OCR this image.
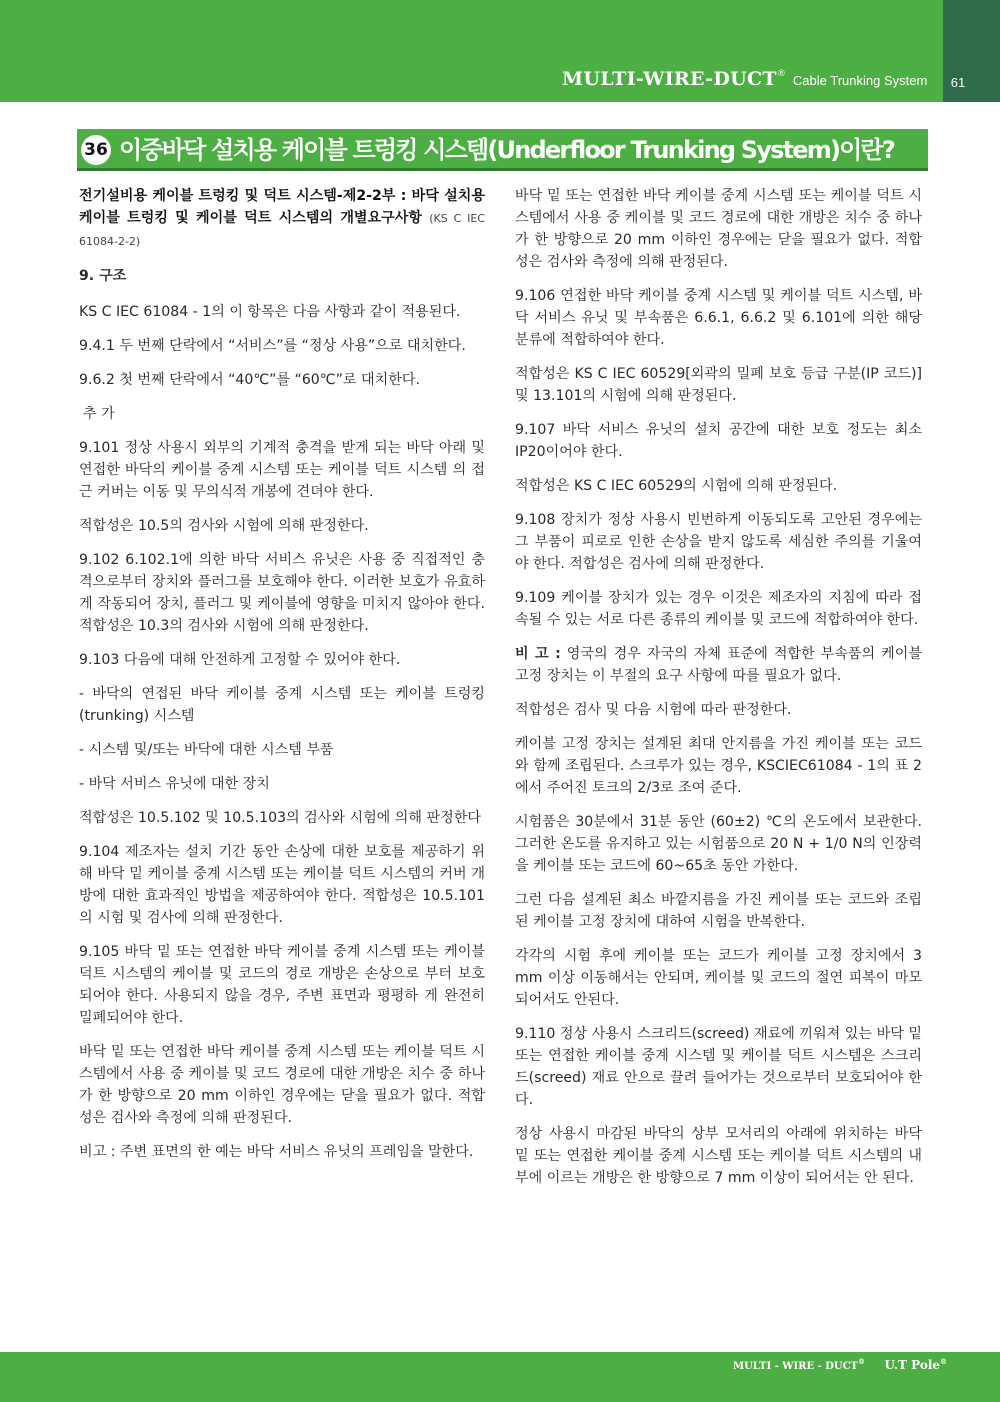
MULTI-WIRE-DUCT® Cable Trunking System	61
36 이중바닥 설치용 케이블 트렁킹 시스템(Underfloor Trunking System)이란?

전기설비용 케이블 트렁킹 및 덕트 시스템-제2-2부 : 바닥 설치용 케이블 트렁킹 및 케이블 덕트 시스템의 개별요구사항 (KS C IEC 61084-2-2)

9. 구조

KS C IEC 61084 - 1의 이 항목은 다음 사항과 같이 적용된다.

9.4.1 두 번째 단락에서 “서비스”를 “정상 사용”으로 대치한다.

9.6.2 첫 번째 단락에서 “40℃”를 “60℃”로 대치한다.

추 가

9.101 정상 사용시 외부의 기계적 충격을 받게 되는 바닥 아래 및 연접한 바닥의 케이블 중계 시스템 또는 케이블 덕트 시스템 의 접근 커버는 이동 및 무의식적 개봉에 견뎌야 한다.

적합성은 10.5의 검사와 시험에 의해 판정한다.

9.102 6.102.1에 의한 바닥 서비스 유닛은 사용 중 직접적인 충격으로부터 장치와 플러그를 보호해야 한다. 이러한 보호가 유효하게 작동되어 장치, 플러그 및 케이블에 영향을 미치지 않아야 한다. 적합성은 10.3의 검사와 시험에 의해 판정한다.

9.103 다음에 대해 안전하게 고정할 수 있어야 한다.

- 바닥의 연접된 바닥 케이블 중계 시스템 또는 케이블 트렁킹 (trunking) 시스템

- 시스템 및/또는 바닥에 대한 시스템 부품

- 바닥 서비스 유닛에 대한 장치

적합성은 10.5.102 및 10.5.103의 검사와 시험에 의해 판정한다

9.104 제조자는 설치 기간 동안 손상에 대한 보호를 제공하기 위해 바닥 밑 케이블 중계 시스템 또는 케이블 덕트 시스템의 커버 개방에 대한 효과적인 방법을 제공하여야 한다. 적합성은 10.5.101의 시험 및 검사에 의해 판정한다.

9.105 바닥 밑 또는 연접한 바닥 케이블 중계 시스템 또는 케이블 덕트 시스템의 케이블 및 코드의 경로 개방은 손상으로 부터 보호되어야 한다. 사용되지 않을 경우, 주변 표면과 평평하 게 완전히 밀폐되어야 한다.

바닥 밑 또는 연접한 바닥 케이블 중계 시스템 또는 케이블 덕트 시스템에서 사용 중 케이블 및 코드 경로에 대한 개방은 치수 중 하나가 한 방향으로 20 mm 이하인 경우에는 닫을 필요가 없다. 적합성은 검사와 측정에 의해 판정된다.

비고 : 주변 표면의 한 예는 바닥 서비스 유닛의 프레임을 말한다.

바닥 밑 또는 연접한 바닥 케이블 중계 시스템 또는 케이블 덕트 시스템에서 사용 중 케이블 및 코드 경로에 대한 개방은 치수 중 하나가 한 방향으로 20 mm 이하인 경우에는 닫을 필요가 없다. 적합성은 검사와 측정에 의해 판정된다.

9.106 연접한 바닥 케이블 중계 시스템 및 케이블 덕트 시스템, 바닥 서비스 유닛 및 부속품은 6.6.1, 6.6.2 및 6.101에 의한 해당 분류에 적합하여야 한다.

적합성은 KS C IEC 60529[외곽의 밀폐 보호 등급 구분(IP 코드)] 및 13.101의 시험에 의해 판정된다.

9.107 바닥 서비스 유닛의 설치 공간에 대한 보호 정도는 최소 IP20이어야 한다.

적합성은 KS C IEC 60529의 시험에 의해 판정된다.

9.108 장치가 정상 사용시 빈번하게 이동되도록 고안된 경우에는 그 부품이 피로로 인한 손상을 받지 않도록 세심한 주의를 기울여야 한다. 적합성은 검사에 의해 판정한다.

9.109 케이블 장치가 있는 경우 이것은 제조자의 지침에 따라 접속될 수 있는 서로 다른 종류의 케이블 및 코드에 적합하여야 한다.

비 고 : 영국의 경우 자국의 자체 표준에 적합한 부속품의 케이블 고정 장치는 이 부절의 요구 사항에 따를 필요가 없다.

적합성은 검사 및 다음 시험에 따라 판정한다.

케이블 고정 장치는 설계된 최대 안지름을 가진 케이블 또는 코드와 함께 조립된다. 스크루가 있는 경우, KSCIEC61084 - 1의 표 2에서 주어진 토크의 2/3로 조여 준다.

시험품은 30분에서 31분 동안 (60±2) ℃의 온도에서 보관한다. 그러한 온도를 유지하고 있는 시험품으로 20 N + 1/0 N의 인장력을 케이블 또는 코드에 60~65초 동안 가한다.

그런 다음 설계된 최소 바깥지름을 가진 케이블 또는 코드와 조립된 케이블 고정 장치에 대하여 시험을 반복한다.

각각의 시험 후에 케이블 또는 코드가 케이블 고정 장치에서 3 mm 이상 이동해서는 안되며, 케이블 및 코드의 절연 피복이 마모되어서도 안된다.

9.110 정상 사용시 스크리드(screed) 재료에 끼워져 있는 바닥 밑 또는 연접한 케이블 중계 시스템 및 케이블 덕트 시스템은 스크리드(screed) 재료 안으로 끌려 들어가는 것으로부터 보호되어야 한다.

정상 사용시 마감된 바닥의 상부 모서리의 아래에 위치하는 바닥 밑 또는 연접한 케이블 중계 시스템 또는 케이블 덕트 시스템의 내부에 이르는 개방은 한 방향으로 7 mm 이상이 되어서는 안 된다.

MULTI - WIRE - DUCT® U.T Pole®
